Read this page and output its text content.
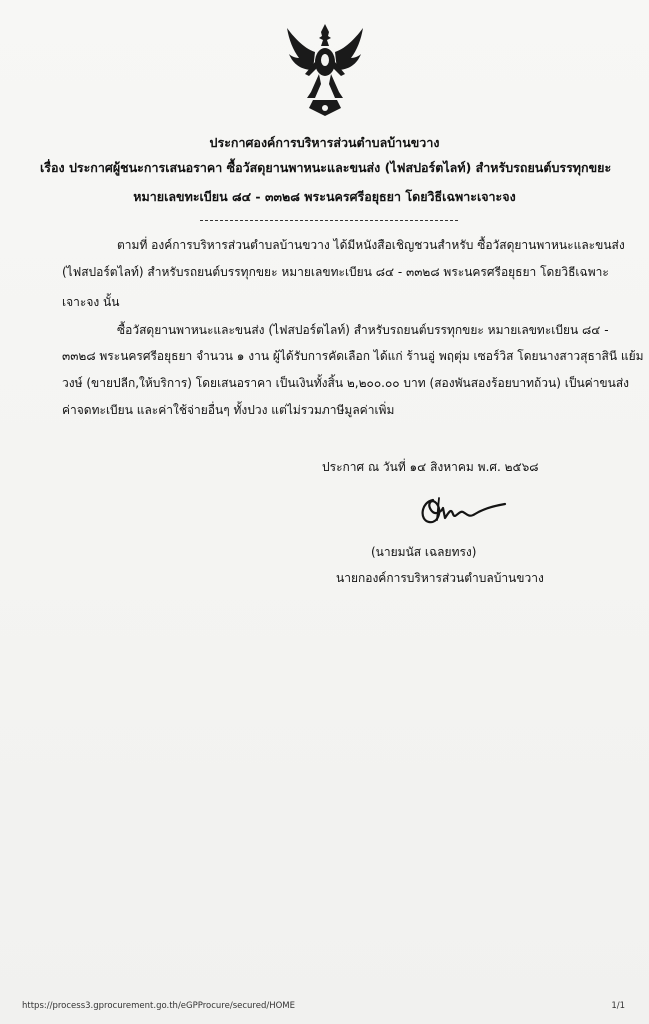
ประกาศองค์การบริหารส่วนตำบลบ้านขวาง
เรื่อง ประกาศผู้ชนะการเสนอราคา ซื้อวัสดุยานพาหนะและขนส่ง (ไฟสปอร์ตไลท์) สำหรับรถยนต์บรรทุกขยะ
หมายเลขทะเบียน ๘๔ - ๓๓๒๘ พระนครศรีอยุธยา โดยวิธีเฉพาะเจาะจง
ตามที่ องค์การบริหารส่วนตำบลบ้านขวาง ได้มีหนังสือเชิญชวนสำหรับ ซื้อวัสดุยานพาหนะและขนส่ง
(ไฟสปอร์ตไลท์) สำหรับรถยนต์บรรทุกขยะ หมายเลขทะเบียน ๘๔ - ๓๓๒๘ พระนครศรีอยุธยา โดยวิธีเฉพาะ
เจาะจง นั้น
ซื้อวัสดุยานพาหนะและขนส่ง (ไฟสปอร์ตไลท์) สำหรับรถยนต์บรรทุกขยะ หมายเลขทะเบียน ๘๔ -
๓๓๒๘ พระนครศรีอยุธยา จำนวน ๑ งาน ผู้ได้รับการคัดเลือก ได้แก่ ร้านอู่ พฤตุ่ม เซอร์วิส โดยนางสาวสุธาสินี แย้ม
วงษ์ (ขายปลีก,ให้บริการ) โดยเสนอราคา เป็นเงินทั้งสิ้น ๒,๒๐๐.๐๐ บาท (สองพันสองร้อยบาทถ้วน) เป็นค่าขนส่ง
ค่าจดทะเบียน และค่าใช้จ่ายอื่นๆ ทั้งปวง แต่ไม่รวมภาษีมูลค่าเพิ่ม
ประกาศ ณ วันที่ ๑๔ สิงหาคม พ.ศ. ๒๕๖๘
(นายมนัส เฉลยทรง)
นายกองค์การบริหารส่วนตำบลบ้านขวาง
https://process3.gprocurement.go.th/eGPProcure/secured/HOME	1/1
